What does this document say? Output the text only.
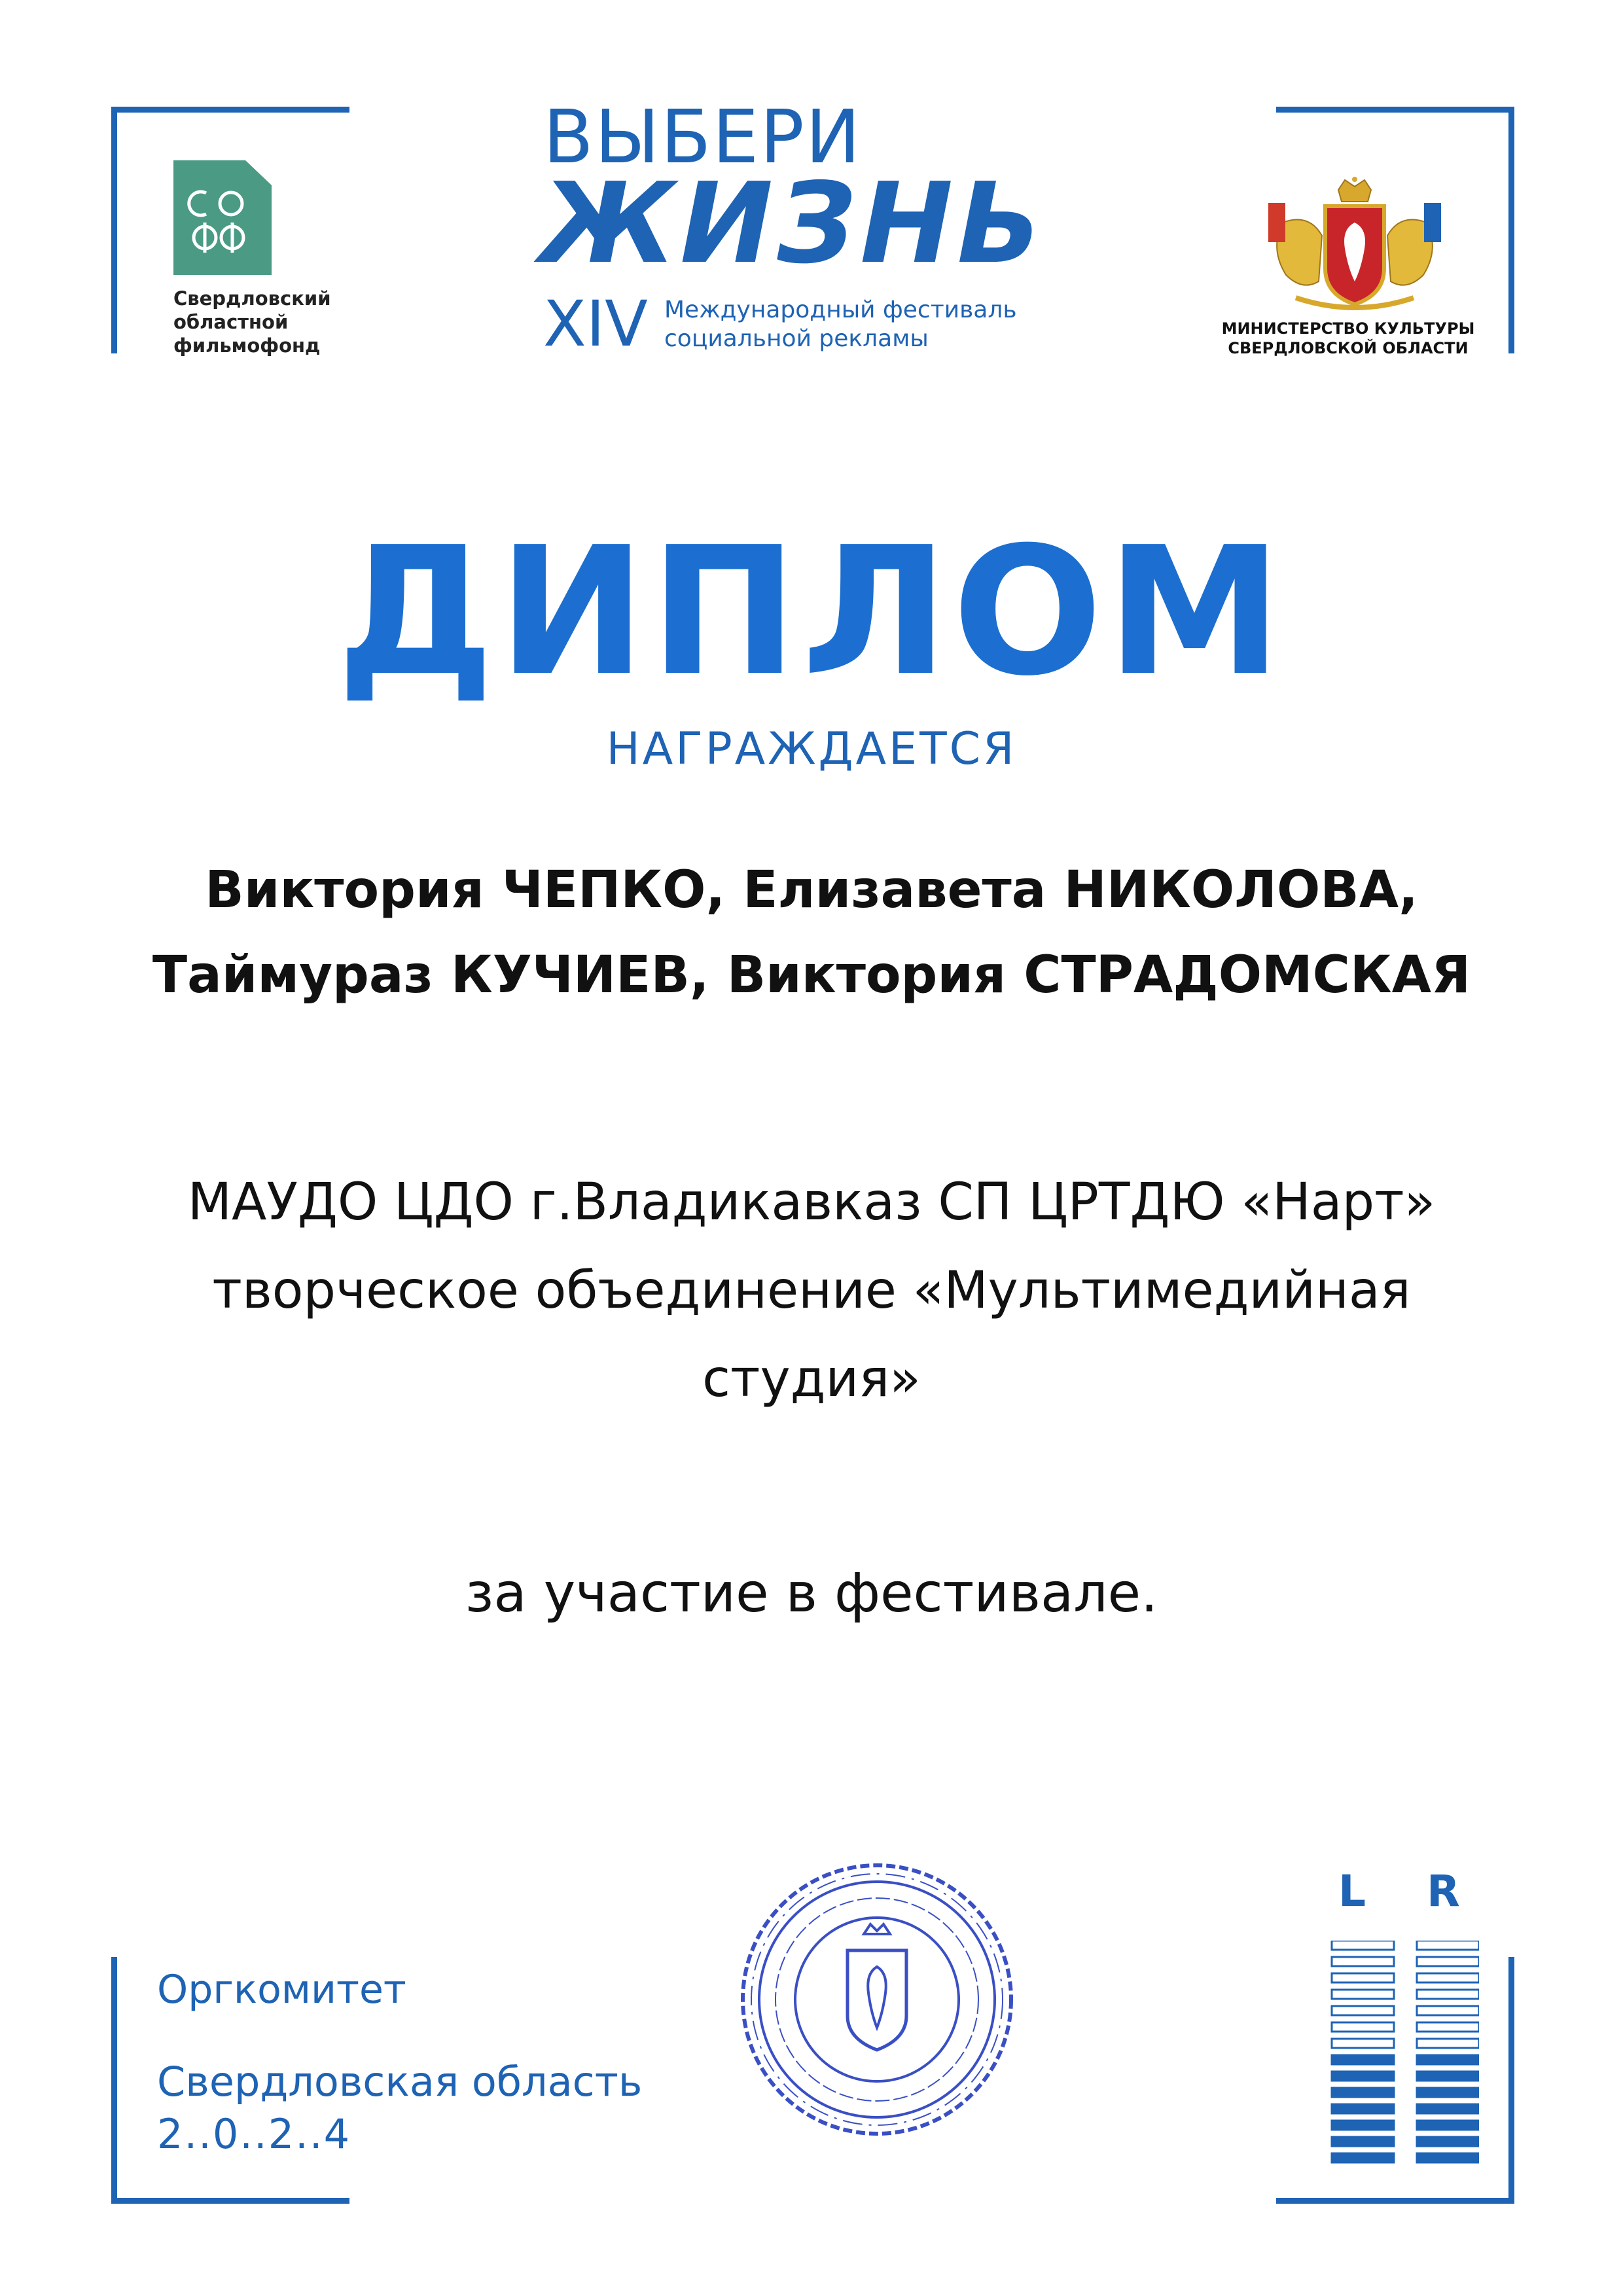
Свердловский
областной
фильмофонд
ВЫБЕРИ
ЖИЗНЬ
XIV Международный фестиваль
социальной рекламы	МИНИСТЕРСТВО КУЛЬТУРЫ
СВЕРДЛОВСКОЙ ОБЛАСТИ
ДИПЛОМ
НАГРАЖДАЕТСЯ

Виктория ЧЕПКО, Елизавета НИКОЛОВА,

Таймураз КУЧИЕВ, Виктория СТРАДОМСКАЯ

МАУДО ЦДО г.Владикавказ СП ЦРТДЮ «Нарт»

творческое объединение «Мультимедийная

студия»

за участие в фестивале.
Оргкомитет
Свердловская область
2..0..2..4
L R
